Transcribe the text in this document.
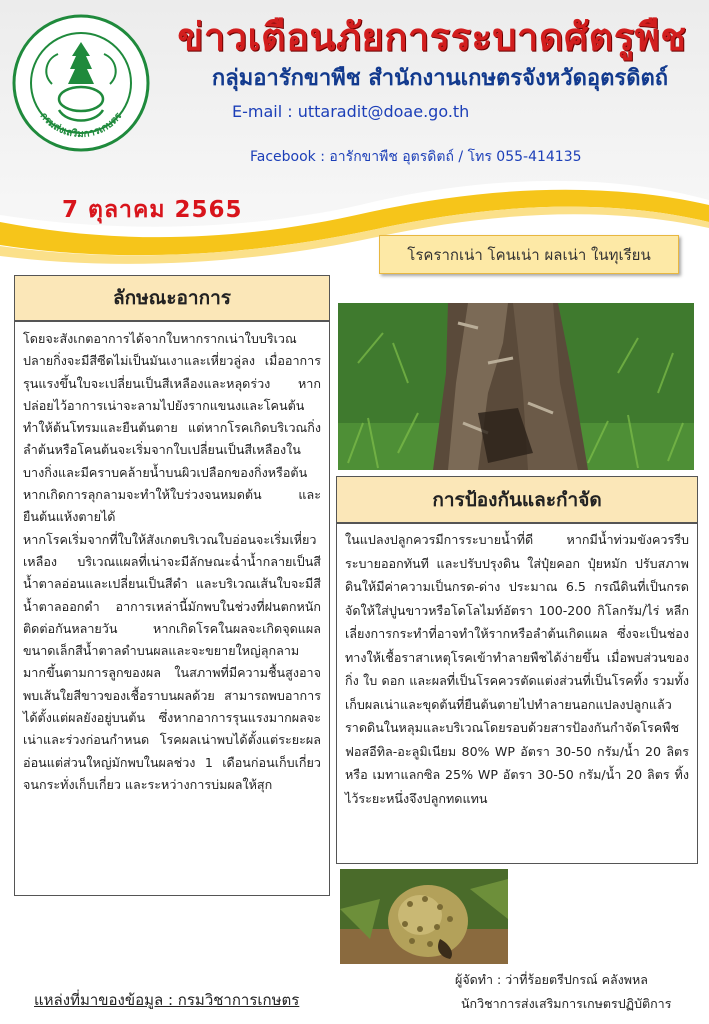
กรมส่งเสริมการเกษตร
ข่าวเตือนภัยการระบาดศัตรูพืช
กลุ่มอารักขาพืช สำนักงานเกษตรจังหวัดอุตรดิตถ์
E-mail : uttaradit@doae.go.th
Facebook : อารักขาพืช อุตรดิตถ์ / โทร 055-414135
7 ตุลาคม 2565
โรครากเน่า โคนเน่า ผลเน่า ในทุเรียน
ลักษณะอาการ
โดยจะสังเกตอาการได้จากใบหากรากเน่าใบบริเวณปลายกิ่งจะมีสีซีดไม่เป็นมันเงาและเหี่ยวลู่ลง เมื่ออาการรุนแรงขึ้นใบจะเปลี่ยนเป็นสีเหลืองและหลุดร่วง หากปล่อยไว้อาการเน่าจะลามไปยังรากแขนงและโคนต้นทำให้ต้นโทรมและยืนต้นตาย แต่หากโรคเกิดบริเวณกิ่ง ลำต้นหรือโคนต้นจะเริ่มจากใบเปลี่ยนเป็นสีเหลืองในบางกิ่งและมีคราบคล้ายน้ำบนผิวเปลือกของกิ่งหรือต้น หากเกิดการลุกลามจะทำให้ใบร่วงจนหมดต้น และยืนต้นแห้งตายได้
หากโรคเริ่มจากที่ใบให้สังเกตบริเวณใบอ่อนจะเริ่มเหี่ยว เหลือง บริเวณแผลที่เน่าจะมีลักษณะฉ่ำน้ำกลายเป็นสีน้ำตาลอ่อนและเปลี่ยนเป็นสีดำ และบริเวณเส้นใบจะมีสีน้ำตาลออกดำ อาการเหล่านี้มักพบในช่วงที่ฝนตกหนักติดต่อกันหลายวัน หากเกิดโรคในผลจะเกิดจุดแผลขนาดเล็กสีน้ำตาลดำบนผลและจะขยายใหญ่ลุกลามมากขึ้นตามการลูกของผล ในสภาพที่มีความชื้นสูงอาจพบเส้นใยสีขาวของเชื้อราบนผลด้วย สามารถพบอาการได้ตั้งแต่ผลยังอยู่บนต้น ซึ่งหากอาการรุนแรงมากผลจะเน่าและร่วงก่อนกำหนด โรคผลเน่าพบได้ตั้งแต่ระยะผลอ่อนแต่ส่วนใหญ่มักพบในผลช่วง 1 เดือนก่อนเก็บเกี่ยวจนกระทั่งเก็บเกี่ยว และระหว่างการบ่มผลให้สุก
การป้องกันและกำจัด
ในแปลงปลูกควรมีการระบายน้ำที่ดี หากมีน้ำท่วมขังควรรีบระบายออกทันที และปรับปรุงดิน ใส่ปุ๋ยคอก ปุ๋ยหมัก ปรับสภาพดินให้มีค่าความเป็นกรด-ด่าง ประมาณ 6.5 กรณีดินที่เป็นกรดจัดให้ใส่ปูนขาวหรือโดโลไมท์อัตรา 100-200 กิโลกรัม/ไร่ หลีกเลี่ยงการกระทำที่อาจทำให้รากหรือลำต้นเกิดแผล ซึ่งจะเป็นช่องทางให้เชื้อราสาเหตุโรคเข้าทำลายพืชได้ง่ายขึ้น เมื่อพบส่วนของกิ่ง ใบ ดอก และผลที่เป็นโรคควรตัดแต่งส่วนที่เป็นโรคทิ้ง รวมทั้งเก็บผลเน่าและขุดต้นที่ยืนต้นตายไปทำลายนอกแปลงปลูกแล้วราดดินในหลุมและบริเวณโดยรอบด้วยสารป้องกันกำจัดโรคพืช ฟอสอีทิล-อะลูมิเนียม 80% WP อัตรา 30-50 กรัม/น้ำ 20 ลิตร หรือ เมทาแลกซิล 25% WP อัตรา 30-50 กรัม/น้ำ 20 ลิตร ทิ้งไว้ระยะหนึ่งจึงปลูกทดแทน
แหล่งที่มาของข้อมูล : กรมวิชาการเกษตร
ผู้จัดทำ : ว่าที่ร้อยตรีปกรณ์ คลังพหล
นักวิชาการส่งเสริมการเกษตรปฏิบัติการ
